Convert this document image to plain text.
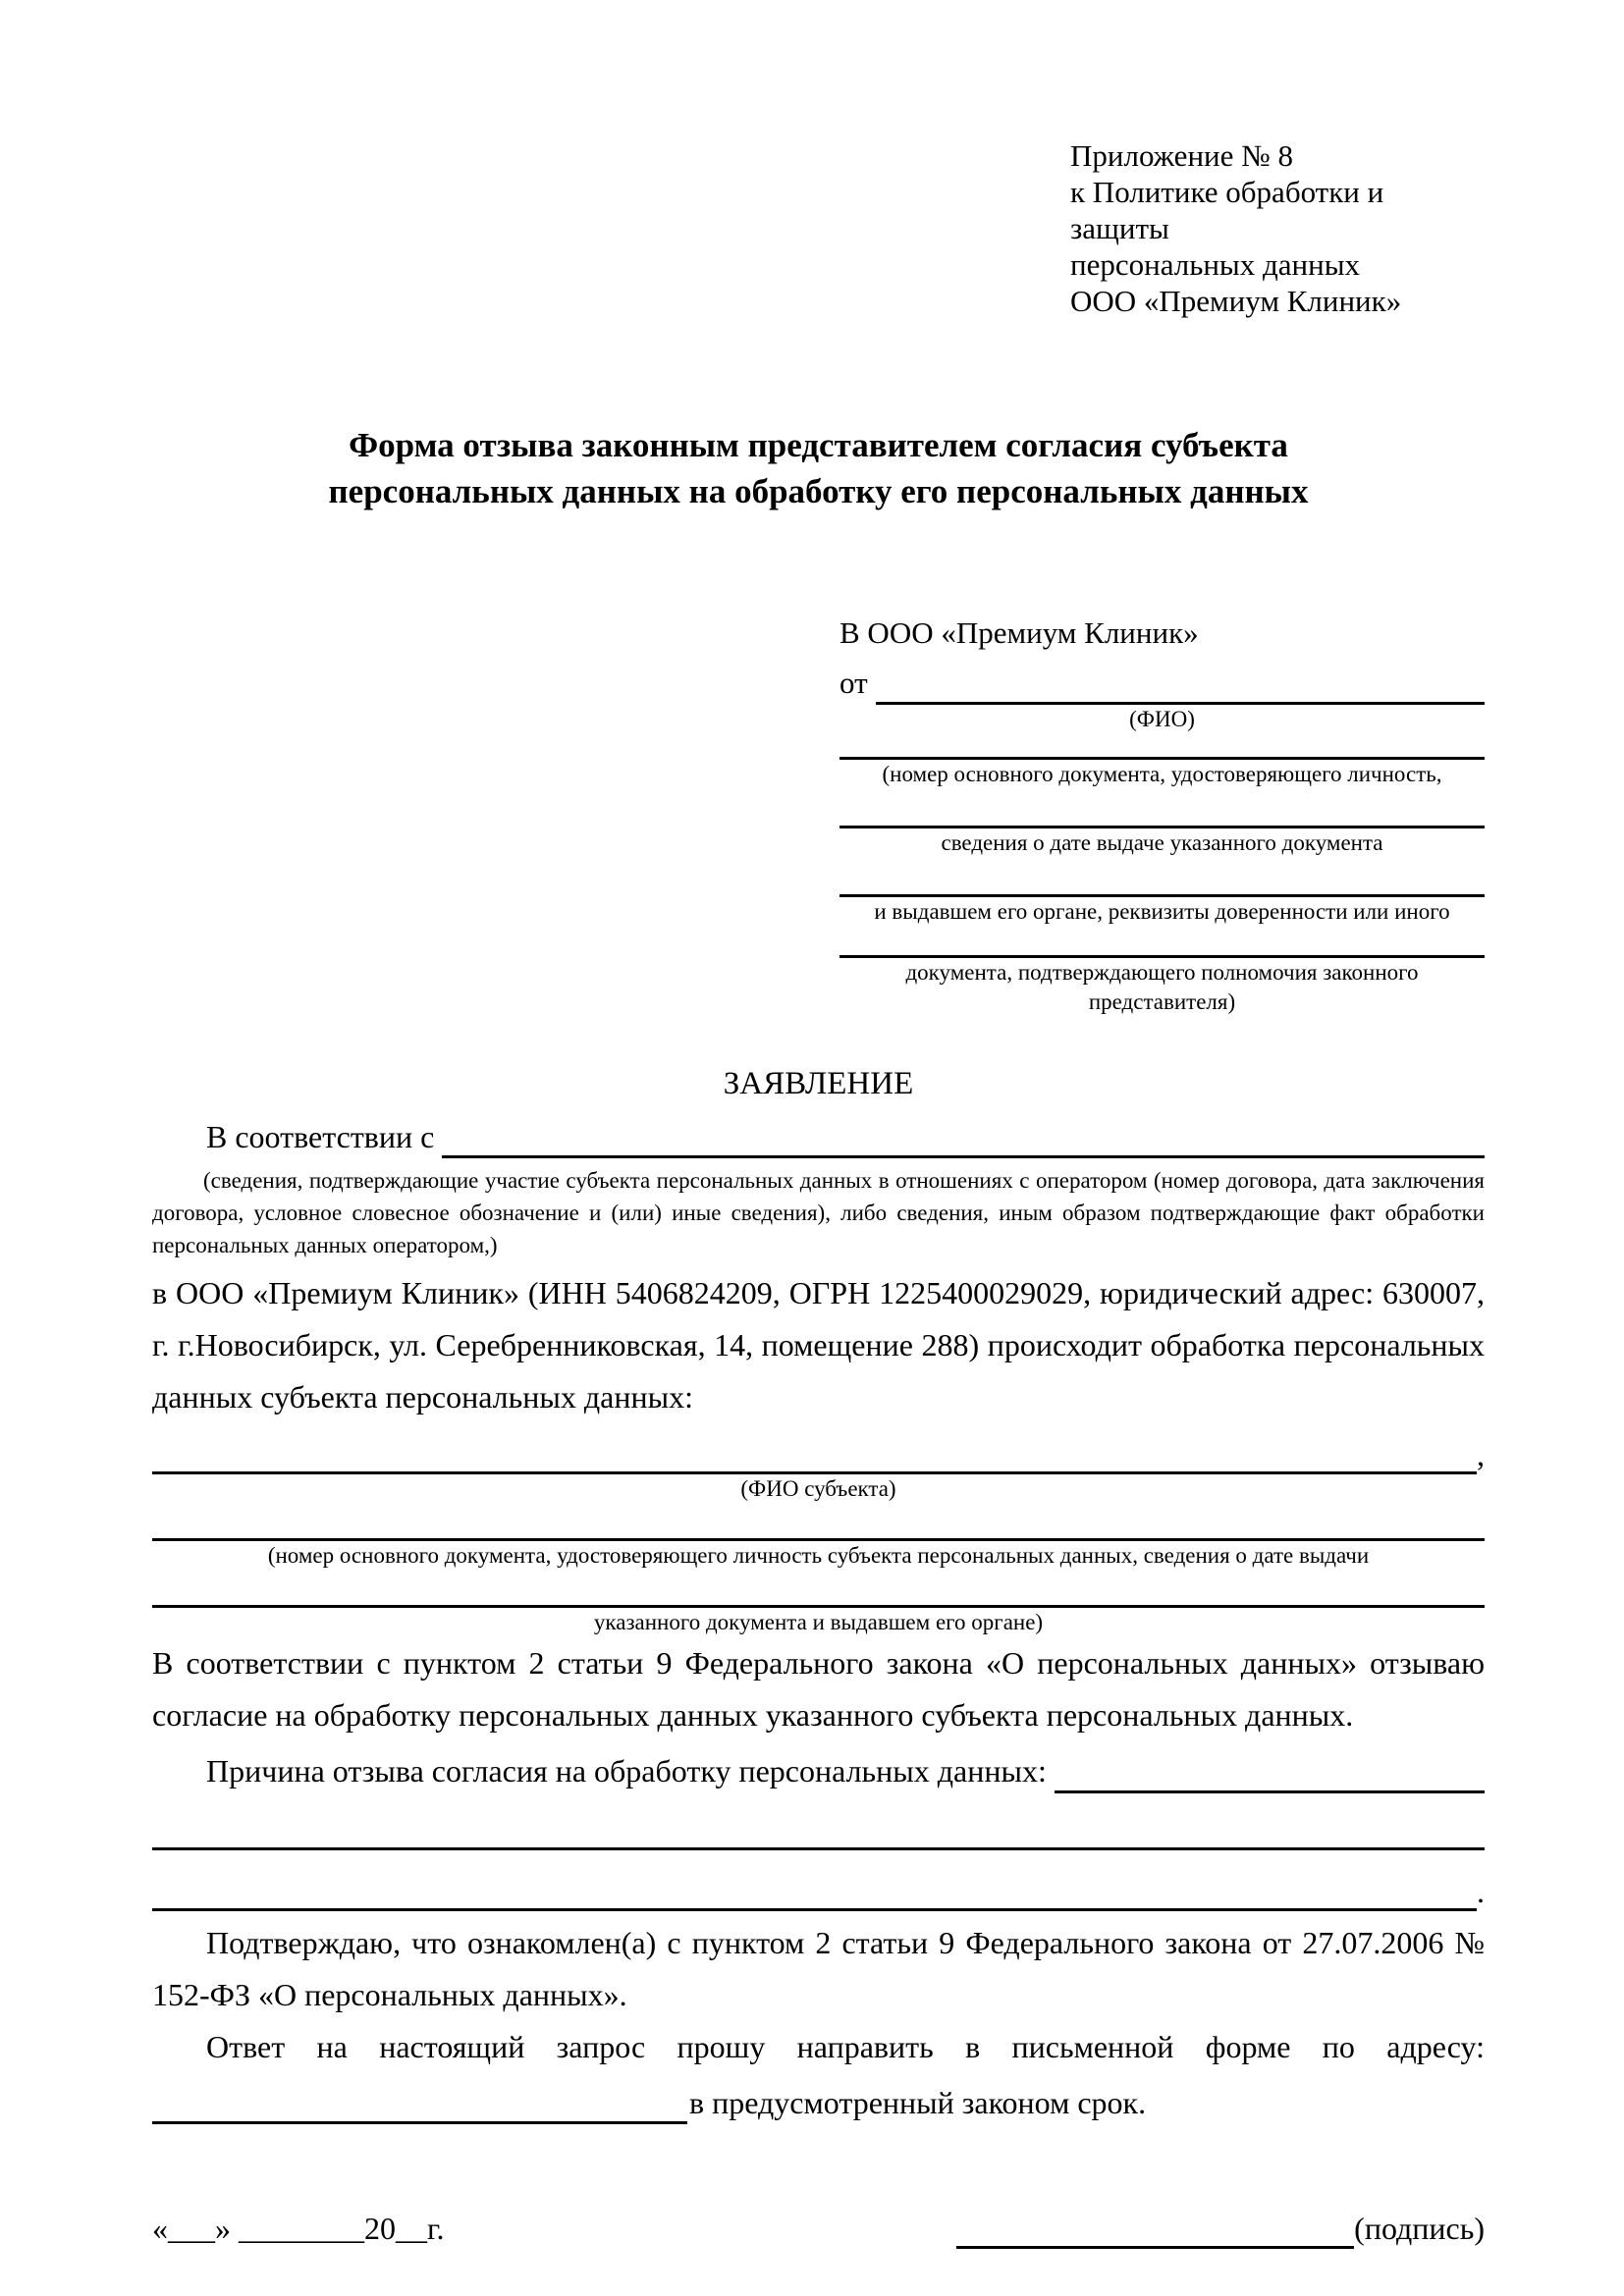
Приложение № 8
к Политике обработки и защиты
персональных данных
ООО «Премиум Клиник»
Форма отзыва законным представителем согласия субъекта
персональных данных на обработку его персональных данных
В ООО «Премиум Клиник»
от
(ФИО)
(номер основного документа, удостоверяющего личность,
сведения о дате выдаче указанного документа
и выдавшем его органе, реквизиты доверенности или иного
документа, подтверждающего полномочия законного представителя)
ЗАЯВЛЕНИЕ
В соответствии с
(сведения, подтверждающие участие субъекта персональных данных в отношениях с оператором (номер договора, дата заключения договора, условное словесное обозначение и (или) иные сведения), либо сведения, иным образом подтверждающие факт обработки персональных данных оператором,)

в ООО «Премиум Клиник» (ИНН 5406824209, ОГРН 1225400029029, юридический адрес: 630007, г. г.Новосибирск, ул. Серебренниковская, 14, помещение 288) происходит обработка персональных данных субъекта персональных данных:

,
(ФИО субъекта)
(номер основного документа, удостоверяющего личность субъекта персональных данных, сведения о дате выдачи
указанного документа и выдавшем его органе)

В соответствии с пунктом 2 статьи 9 Федерального закона «О персональных данных» отзываю согласие на обработку персональных данных указанного субъекта персональных данных.

Причина отзыва согласия на обработку персональных данных:
.

Подтверждаю, что ознакомлен(а) с пунктом 2 статьи 9 Федерального закона от 27.07.2006 № 152-ФЗ «О персональных данных».

Ответ на настоящий запрос прошу направить в письменной форме по адресу:

в предусмотренный законом срок.
«___» ________20__г.	(подпись)
